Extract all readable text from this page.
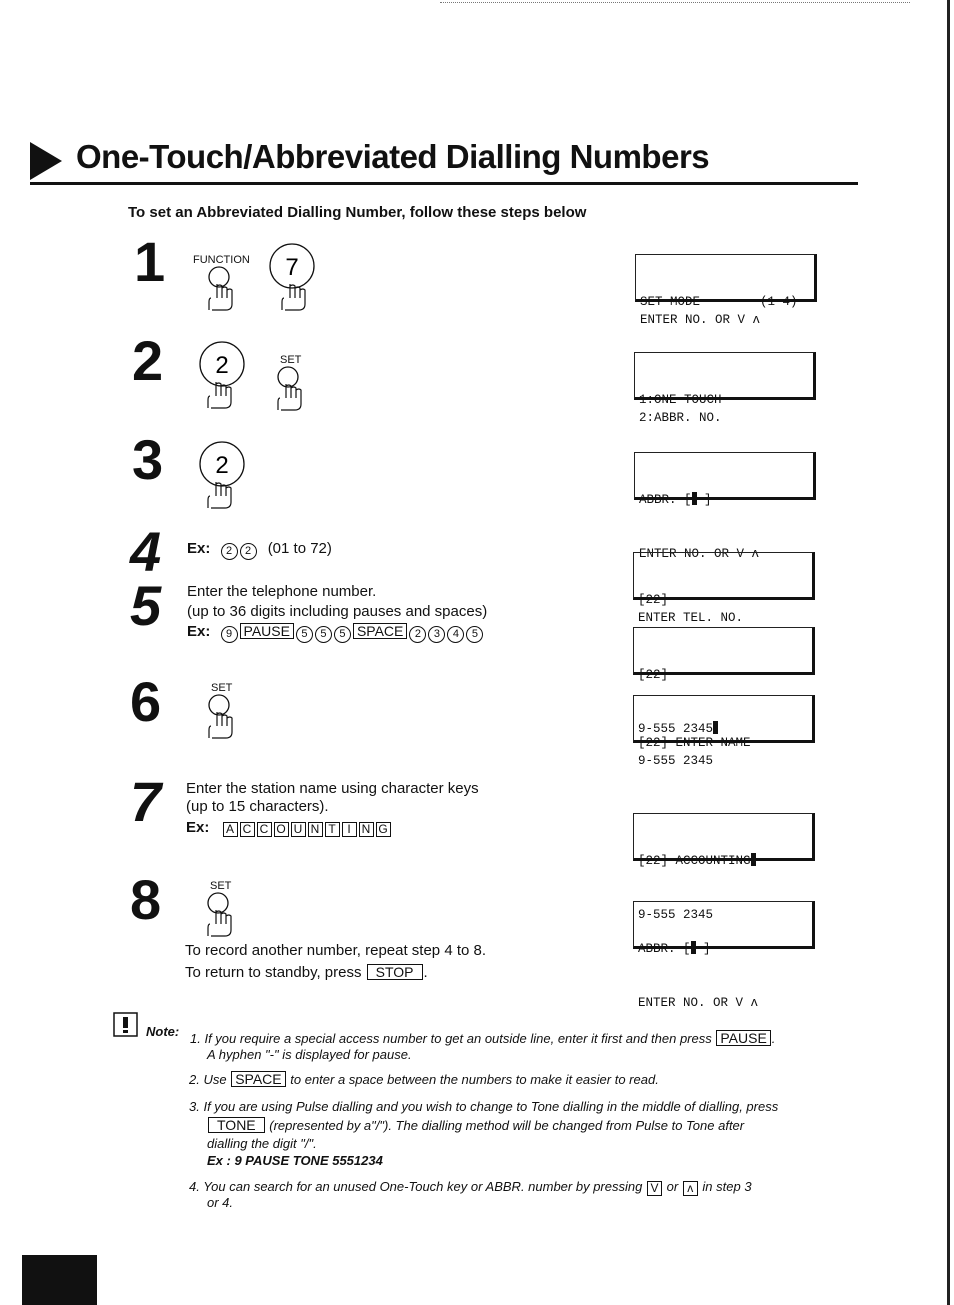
One-Touch/Abbreviated Dialling Numbers
To set an Abbreviated Dialling Number, follow these steps below
1	FUNCTION 7
2 2	SET
3 2
4 Ex: 2 2 (01 to 72)
5 Enter the telephone number.
(up to 36 digits including pauses and spaces)
Ex: 9 PAUSE 5 5 5 SPACE 2 3 4 5
6	SET
7 Enter the station name using character keys
(up to 15 characters).
Ex: A C C O U N T I N G
8	SET
To record another number, repeat step 4 to 8.
To return to standby, press STOP .

SET MODE        (1-4)
ENTER NO. OR V ʌ

1:ONE-TOUCH
2:ABBR. NO.

ABBR. [ ]

ENTER NO. OR V ʌ

[22]
ENTER TEL. NO.

[22]

9-555 2345

[22] ENTER NAME
9-555 2345

[22] ACCOUNTING

9-555 2345

ABBR. [ ]

ENTER NO. OR V ʌ

Note: 1. If you require a special access number to get an outside line, enter it first and then press PAUSE .
A hyphen "-" is displayed for pause.
2. Use SPACE to enter a space between the numbers to make it easier to read.
3. If you are using Pulse dialling and you wish to change to Tone dialling in the middle of dialling, press
TONE (represented by a"/"). The dialling method will be changed from Pulse to Tone after
dialling the digit "/".
Ex : 9 PAUSE TONE 5551234
4. You can search for an unused One-Touch key or ABBR. number by pressing V or ʌ in step 3
or 4.
